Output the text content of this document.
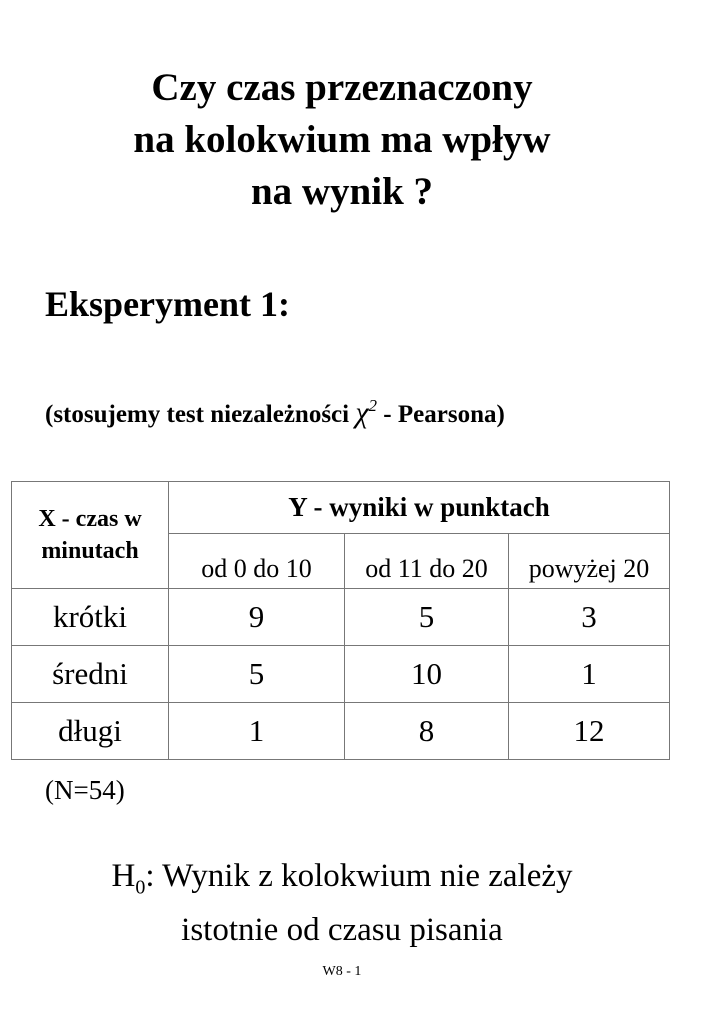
Czy czas przeznaczony
na kolokwium ma wpływ
na wynik ?
Eksperyment 1:
(stosujemy test niezależności $\chi^2$ - Pearsona)
X - czas w minutach	Y - wyniki w punktach		
	od 0 do 10	od 11 do 20	powyżej 20
krótki	9	5	3
średni	5	10	1
długi	1	8	12
(N=54)
$H_0$: Wynik z kolokwium nie zależy
istotnie od czasu pisania
W8 - 1
